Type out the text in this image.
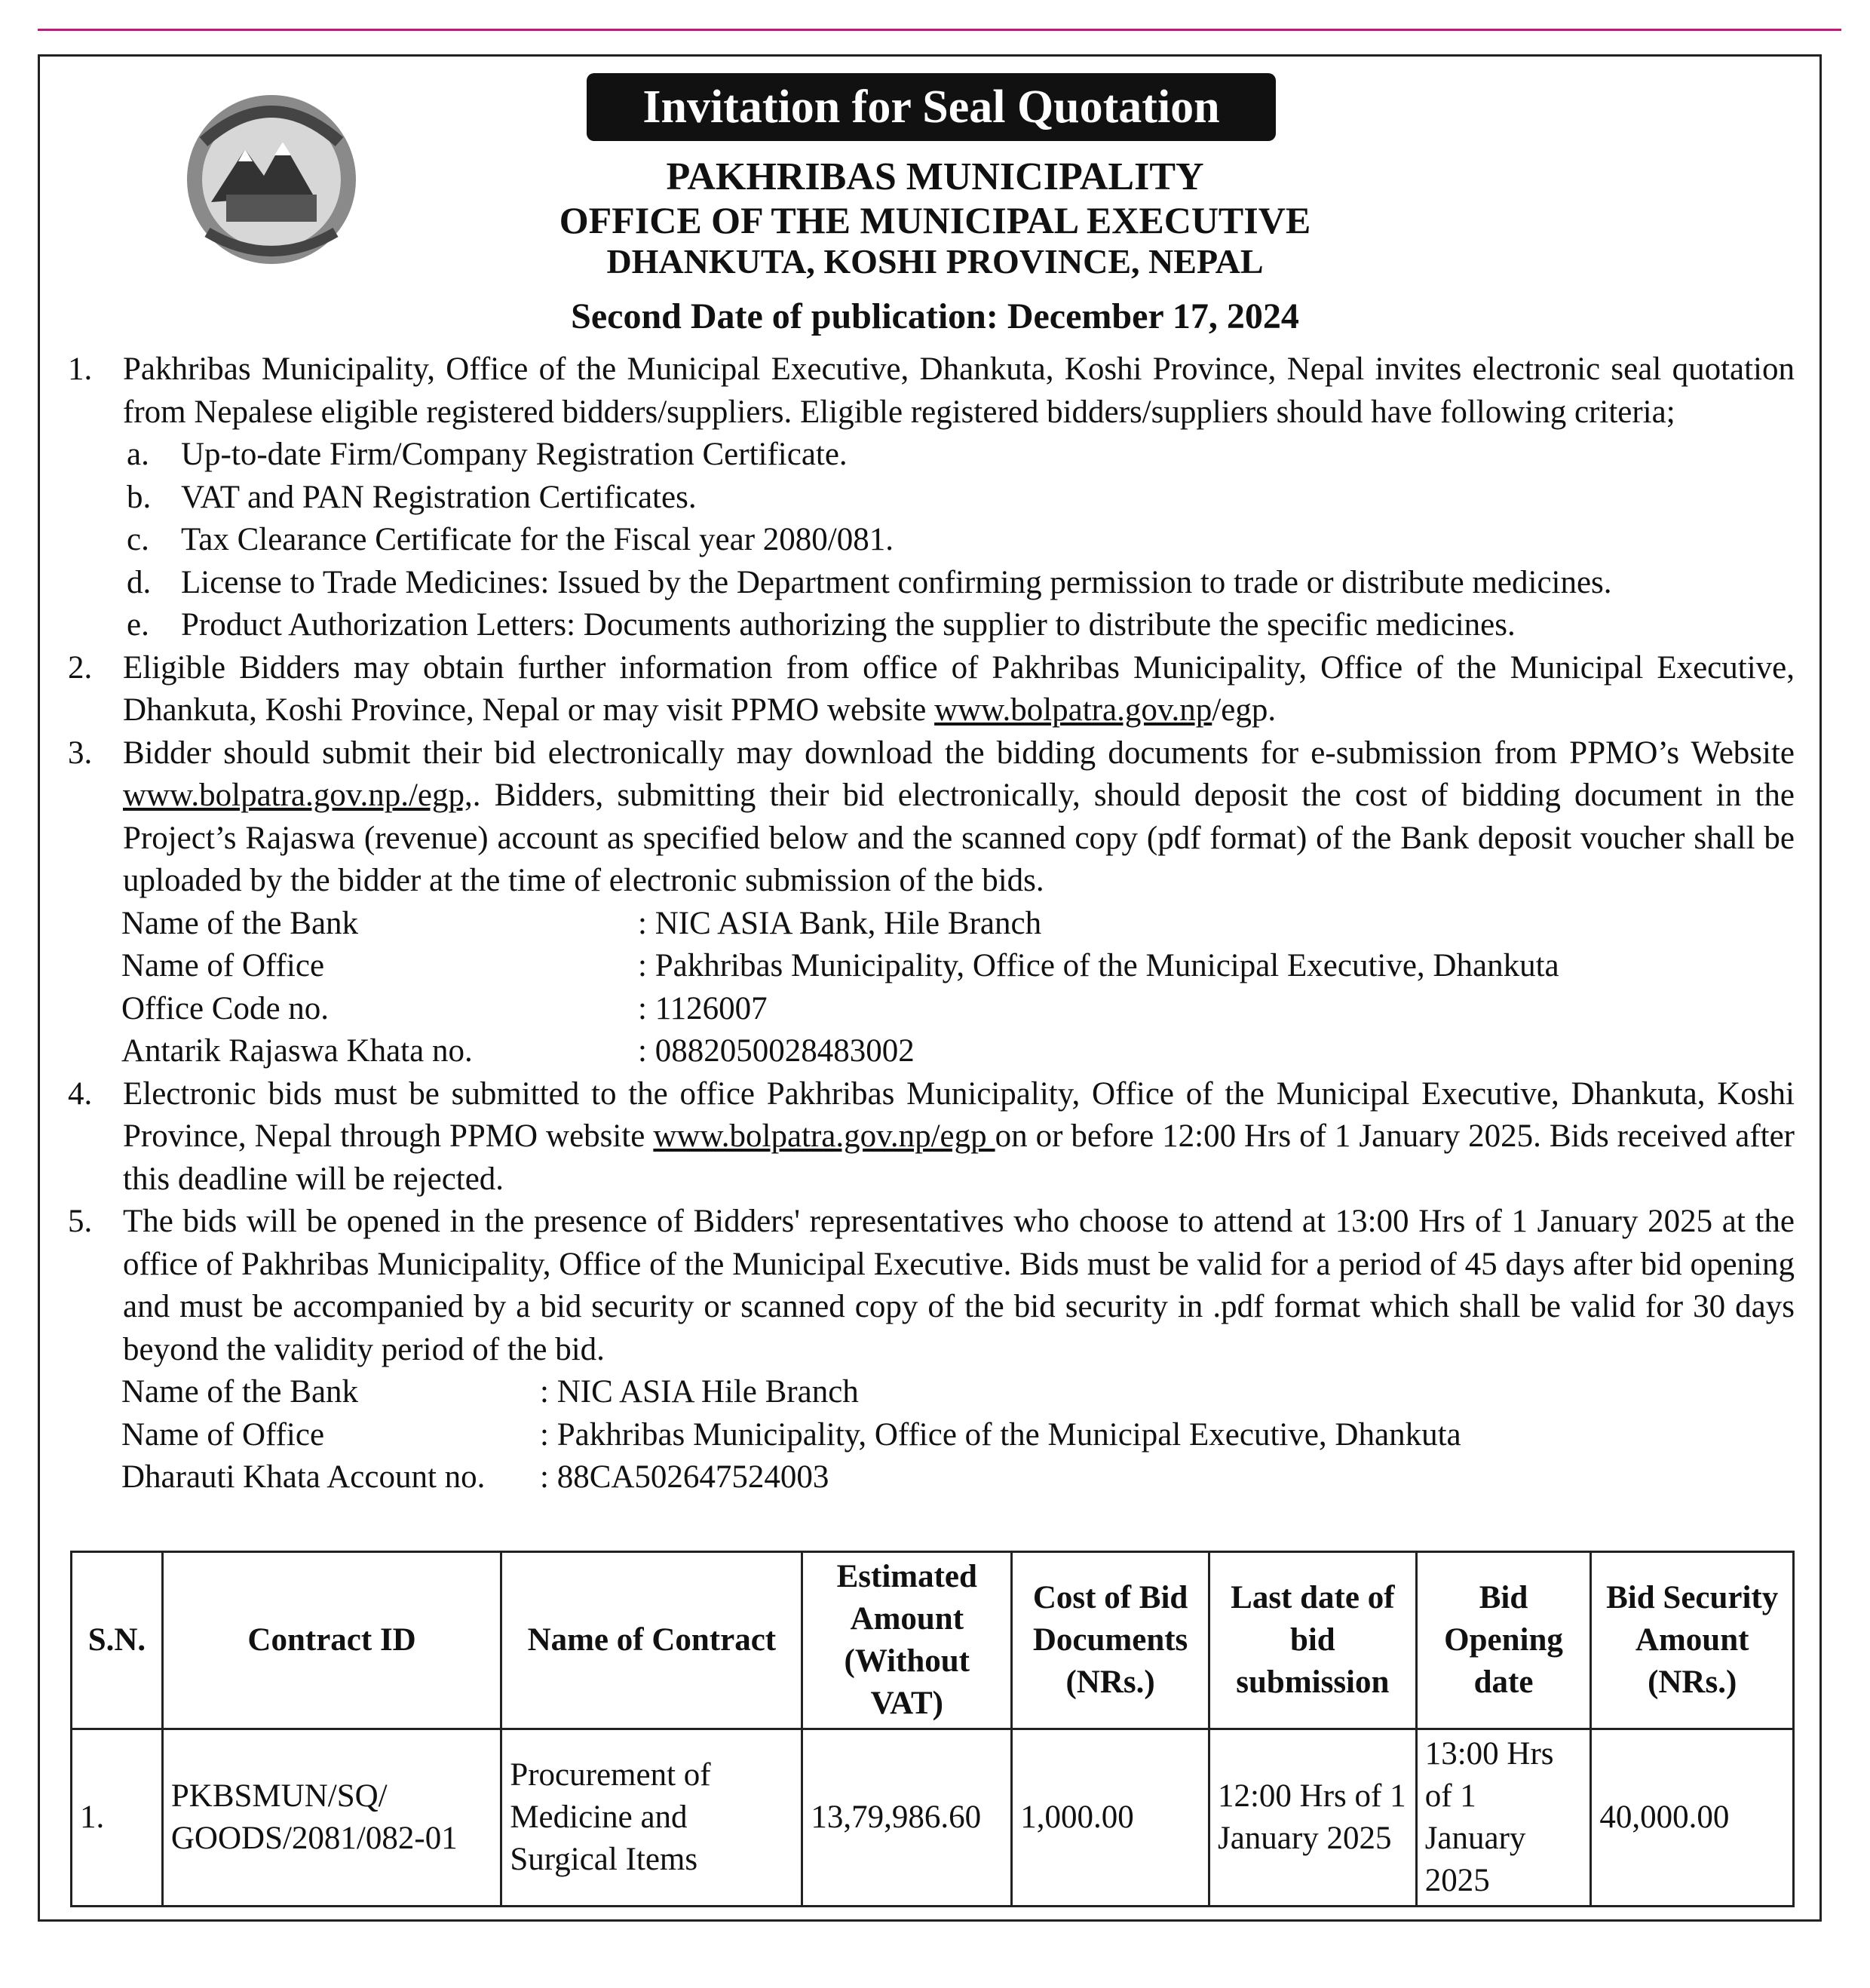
Invitation for Seal Quotation
PAKHRIBAS MUNICIPALITY
OFFICE OF THE MUNICIPAL EXECUTIVE
DHANKUTA, KOSHI PROVINCE, NEPAL
Second Date of publication: December 17, 2024
1. Pakhribas Municipality, Office of the Municipal Executive, Dhankuta, Koshi Province, Nepal invites electronic seal quotation from Nepalese eligible registered bidders/suppliers. Eligible registered bidders/suppliers should have following criteria;
a. Up-to-date Firm/Company Registration Certificate.
b. VAT and PAN Registration Certificates.
c. Tax Clearance Certificate for the Fiscal year 2080/081.
d. License to Trade Medicines: Issued by the Department confirming permission to trade or distribute medicines.
e. Product Authorization Letters: Documents authorizing the supplier to distribute the specific medicines.
2. Eligible Bidders may obtain further information from office of Pakhribas Municipality, Office of the Municipal Executive, Dhankuta, Koshi Province, Nepal or may visit PPMO website www.bolpatra.gov.np/egp.
3. Bidder should submit their bid electronically may download the bidding documents for e-submission from PPMO’s Website www.bolpatra.gov.np./egp,. Bidders, submitting their bid electronically, should deposit the cost of bidding document in the Project’s Rajaswa (revenue) account as specified below and the scanned copy (pdf format) of the Bank deposit voucher shall be uploaded by the bidder at the time of electronic submission of the bids.
Name of the Bank	: NIC ASIA Bank, Hile Branch
Name of Office	: Pakhribas Municipality, Office of the Municipal Executive, Dhankuta
Office Code no.	: 1126007
Antarik Rajaswa Khata no.	: 0882050028483002
4. Electronic bids must be submitted to the office Pakhribas Municipality, Office of the Municipal Executive, Dhankuta, Koshi Province, Nepal through PPMO website www.bolpatra.gov.np/egp on or before 12:00 Hrs of 1 January 2025. Bids received after this deadline will be rejected.
5. The bids will be opened in the presence of Bidders' representatives who choose to attend at 13:00 Hrs of 1 January 2025 at the office of Pakhribas Municipality, Office of the Municipal Executive. Bids must be valid for a period of 45 days after bid opening and must be accompanied by a bid security or scanned copy of the bid security in .pdf format which shall be valid for 30 days beyond the validity period of the bid.
Name of the Bank	: NIC ASIA Hile Branch
Name of Office	: Pakhribas Municipality, Office of the Municipal Executive, Dhankuta
Dharauti Khata Account no.	: 88CA502647524003
S.N.	Contract ID	Name of Contract	Estimated Amount (Without VAT)	Cost of Bid Documents (NRs.)	Last date of bid submission	Bid Opening date	Bid Security Amount (NRs.)
1.	PKBSMUN/SQ/ GOODS/2081/082-01	Procurement of Medicine and Surgical Items	13,79,986.60	1,000.00	12:00 Hrs of 1 January 2025	13:00 Hrs of 1 January 2025	40,000.00
